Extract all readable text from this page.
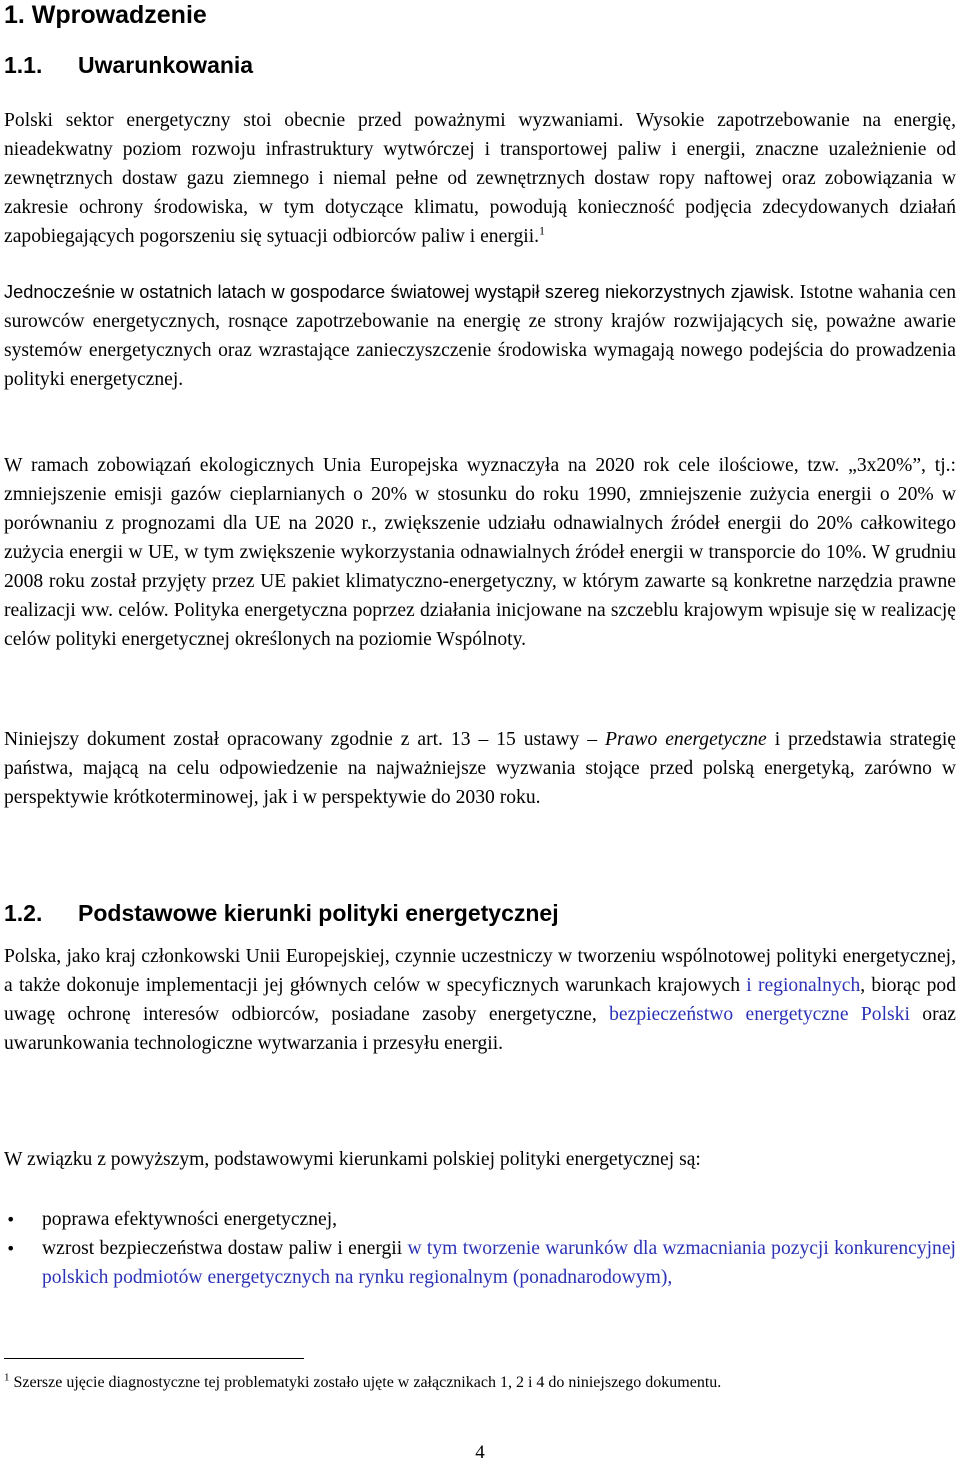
1. Wprowadzenie
1.1. Uwarunkowania

Polski sektor energetyczny stoi obecnie przed poważnymi wyzwaniami. Wysokie zapotrzebowanie na energię, nieadekwatny poziom rozwoju infrastruktury wytwórczej i transportowej paliw i energii, znaczne uzależnienie od zewnętrznych dostaw gazu ziemnego i niemal pełne od zewnętrznych dostaw ropy naftowej oraz zobowiązania w zakresie ochrony środowiska, w tym dotyczące klimatu, powodują konieczność podjęcia zdecydowanych działań zapobiegających pogorszeniu się sytuacji odbiorców paliw i energii.$^1$

Jednocześnie w ostatnich latach w gospodarce światowej wystąpił szereg niekorzystnych zjawisk. Istotne wahania cen surowców energetycznych, rosnące zapotrzebowanie na energię ze strony krajów rozwijających się, poważne awarie systemów energetycznych oraz wzrastające zanieczyszczenie środowiska wymagają nowego podejścia do prowadzenia polityki energetycznej.

W ramach zobowiązań ekologicznych Unia Europejska wyznaczyła na 2020 rok cele ilościowe, tzw. „3x20%”, tj.: zmniejszenie emisji gazów cieplarnianych o 20% w stosunku do roku 1990, zmniejszenie zużycia energii o 20% w porównaniu z prognozami dla UE na 2020 r., zwiększenie udziału odnawialnych źródeł energii do 20% całkowitego zużycia energii w UE, w tym zwiększenie wykorzystania odnawialnych źródeł energii w transporcie do 10%. W grudniu 2008 roku został przyjęty przez UE pakiet klimatyczno-energetyczny, w którym zawarte są konkretne narzędzia prawne realizacji ww. celów. Polityka energetyczna poprzez działania inicjowane na szczeblu krajowym wpisuje się w realizację celów polityki energetycznej określonych na poziomie Wspólnoty.

Niniejszy dokument został opracowany zgodnie z art. 13 – 15 ustawy – Prawo energetyczne i przedstawia strategię państwa, mającą na celu odpowiedzenie na najważniejsze wyzwania stojące przed polską energetyką, zarówno w perspektywie krótkoterminowej, jak i w perspektywie do 2030 roku.

1.2. Podstawowe kierunki polityki energetycznej

Polska, jako kraj członkowski Unii Europejskiej, czynnie uczestniczy w tworzeniu wspólnotowej polityki energetycznej, a także dokonuje implementacji jej głównych celów w specyficznych warunkach krajowych i regionalnych, biorąc pod uwagę ochronę interesów odbiorców, posiadane zasoby energetyczne, bezpieczeństwo energetyczne Polski oraz uwarunkowania technologiczne wytwarzania i przesyłu energii.

W związku z powyższym, podstawowymi kierunkami polskiej polityki energetycznej są:

• poprawa efektywności energetycznej,
• wzrost bezpieczeństwa dostaw paliw i energii w tym tworzenie warunków dla wzmacniania pozycji konkurencyjnej polskich podmiotów energetycznych na rynku regionalnym (ponadnarodowym),

$^1$ Szersze ujęcie diagnostyczne tej problematyki zostało ujęte w załącznikach 1, 2 i 4 do niniejszego dokumentu.

4
